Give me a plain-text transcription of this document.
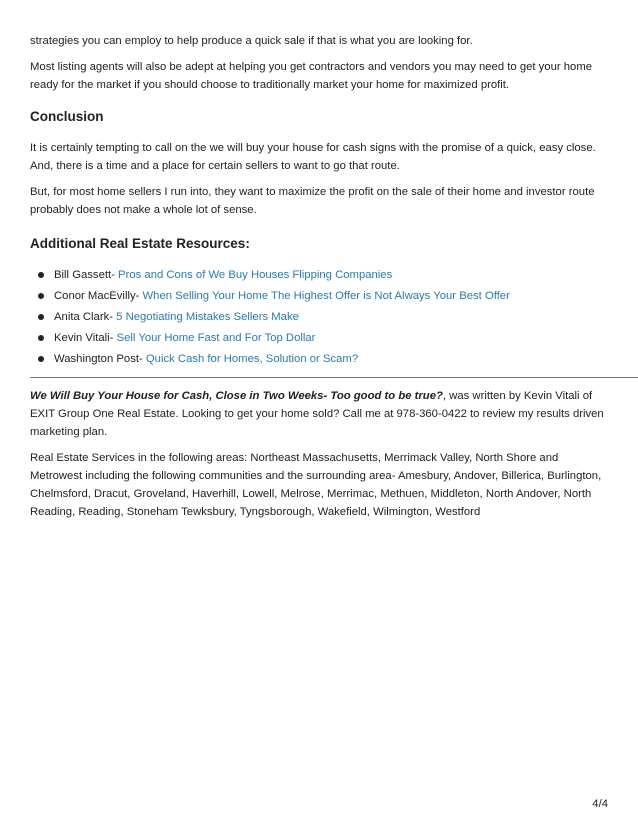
strategies you can employ to help produce a quick sale if that is what you are looking for.

Most listing agents will also be adept at helping you get contractors and vendors you may need to get your home ready for the market if you should choose to traditionally market your home for maximized profit.

Conclusion

It is certainly tempting to call on the we will buy your house for cash signs with the promise of a quick, easy close. And, there is a time and a place for certain sellers to want to go that route.

But, for most home sellers I run into, they want to maximize the profit on the sale of their home and investor route probably does not make a whole lot of sense.

Additional Real Estate Resources:
Bill Gassett- Pros and Cons of We Buy Houses Flipping Companies
Conor MacEvilly- When Selling Your Home The Highest Offer is Not Always Your Best Offer
Anita Clark- 5 Negotiating Mistakes Sellers Make
Kevin Vitali- Sell Your Home Fast and For Top Dollar
Washington Post- Quick Cash for Homes, Solution or Scam?

We Will Buy Your House for Cash, Close in Two Weeks- Too good to be true?, was written by Kevin Vitali of EXIT Group One Real Estate. Looking to get your home sold? Call me at 978-360-0422 to review my results driven marketing plan.

Real Estate Services in the following areas: Northeast Massachusetts, Merrimack Valley, North Shore and Metrowest including the following communities and the surrounding area- Amesbury, Andover, Billerica, Burlington, Chelmsford, Dracut, Groveland, Haverhill, Lowell, Melrose, Merrimac, Methuen, Middleton, North Andover, North Reading, Reading, Stoneham Tewksbury, Tyngsborough, Wakefield, Wilmington, Westford

4/4
